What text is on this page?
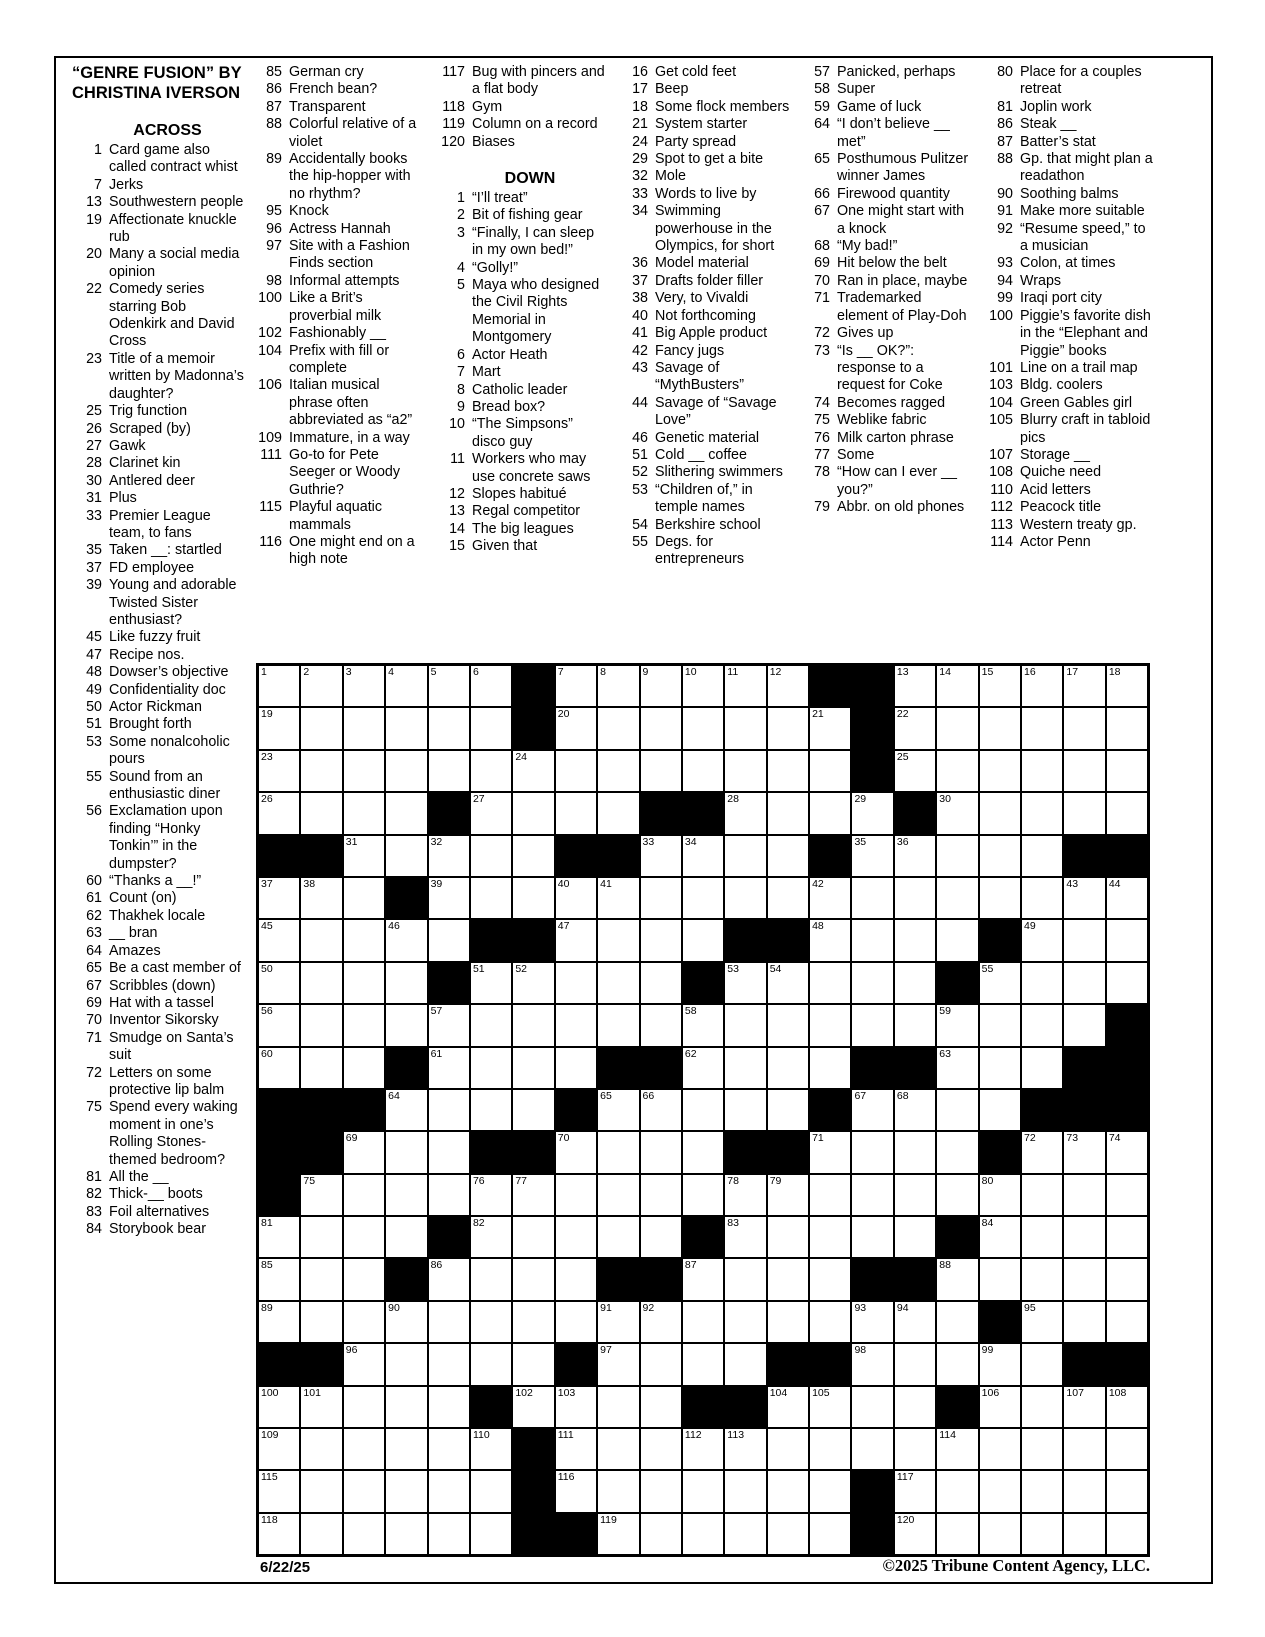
“GENRE FUSION” BY CHRISTINA IVERSON
ACROSS
1 Card game also called contract whist
7 Jerks
13 Southwestern people
19 Affectionate knuckle rub
20 Many a social media opinion
22 Comedy series starring Bob Odenkirk and David Cross
23 Title of a memoir written by Madonna’s daughter?
25 Trig function
26 Scraped (by)
27 Gawk
28 Clarinet kin
30 Antlered deer
31 Plus
33 Premier League team, to fans
35 Taken __: startled
37 FD employee
39 Young and adorable Twisted Sister enthusiast?
45 Like fuzzy fruit
47 Recipe nos.
48 Dowser’s objective
49 Confidentiality doc
50 Actor Rickman
51 Brought forth
53 Some nonalcoholic pours
55 Sound from an enthusiastic diner
56 Exclamation upon finding “Honky Tonkin’” in the dumpster?
60 “Thanks a __!”
61 Count (on)
62 Thakhek locale
63 __ bran
64 Amazes
65 Be a cast member of
67 Scribbles (down)
69 Hat with a tassel
70 Inventor Sikorsky
71 Smudge on Santa’s suit
72 Letters on some protective lip balm
75 Spend every waking moment in one’s Rolling Stones-themed bedroom?
81 All the __
82 Thick-__ boots
83 Foil alternatives
84 Storybook bear
85 German cry
86 French bean?
87 Transparent
88 Colorful relative of a violet
89 Accidentally books the hip-hopper with no rhythm?
95 Knock
96 Actress Hannah
97 Site with a Fashion Finds section
98 Informal attempts
100 Like a Brit’s proverbial milk
102 Fashionably __
104 Prefix with fill or complete
106 Italian musical phrase often abbreviated as “a2”
109 Immature, in a way
111 Go-to for Pete Seeger or Woody Guthrie?
115 Playful aquatic mammals
116 One might end on a high note
117 Bug with pincers and a flat body
118 Gym
119 Column on a record
120 Biases
DOWN
1 “I’ll treat”
2 Bit of fishing gear
3 “Finally, I can sleep in my own bed!”
4 “Golly!”
5 Maya who designed the Civil Rights Memorial in Montgomery
6 Actor Heath
7 Mart
8 Catholic leader
9 Bread box?
10 “The Simpsons” disco guy
11 Workers who may use concrete saws
12 Slopes habitué
13 Regal competitor
14 The big leagues
15 Given that
16 Get cold feet
17 Beep
18 Some flock members
21 System starter
24 Party spread
29 Spot to get a bite
32 Mole
33 Words to live by
34 Swimming powerhouse in the Olympics, for short
36 Model material
37 Drafts folder filler
38 Very, to Vivaldi
40 Not forthcoming
41 Big Apple product
42 Fancy jugs
43 Savage of “MythBusters”
44 Savage of “Savage Love”
46 Genetic material
51 Cold __ coffee
52 Slithering swimmers
53 “Children of,” in temple names
54 Berkshire school
55 Degs. for entrepreneurs
57 Panicked, perhaps
58 Super
59 Game of luck
64 “I don’t believe __ met”
65 Posthumous Pulitzer winner James
66 Firewood quantity
67 One might start with a knock
68 “My bad!”
69 Hit below the belt
70 Ran in place, maybe
71 Trademarked element of Play-Doh
72 Gives up
73 “Is __ OK?”: response to a request for Coke
74 Becomes ragged
75 Weblike fabric
76 Milk carton phrase
77 Some
78 “How can I ever __ you?”
79 Abbr. on old phones
80 Place for a couples retreat
81 Joplin work
86 Steak __
87 Batter’s stat
88 Gp. that might plan a readathon
90 Soothing balms
91 Make more suitable
92 “Resume speed,” to a musician
93 Colon, at times
94 Wraps
99 Iraqi port city
100 Piggie’s favorite dish in the “Elephant and Piggie” books
101 Line on a trail map
103 Bldg. coolers
104 Green Gables girl
105 Blurry craft in tabloid pics
107 Storage __
108 Quiche need
110 Acid letters
112 Peacock title
113 Western treaty gp.
114 Actor Penn
1	2	3	4	5	6	7	8	9	10	11	12	13	14	15	16	17	18
19	20	21	22
23	24	25
26	27	28	29	30
31	32	33	34	35	36
37	38	39	40	41	42	43	44
45	46	47	48	49
50	51	52	53	54	55
56	57	58	59
60	61	62	63
64	65	66	67	68
69	70	71	72	73	74
75	76	77	78	79	80
81	82	83	84
85	86	87	88
89	90	91	92	93	94	95
96	97	98	99
100 101	102 103	104 105	106	107 108
109	110	111	112 113	114
115	116	117
118	119	120
6/22/25	©2025 Tribune Content Agency, LLC.
